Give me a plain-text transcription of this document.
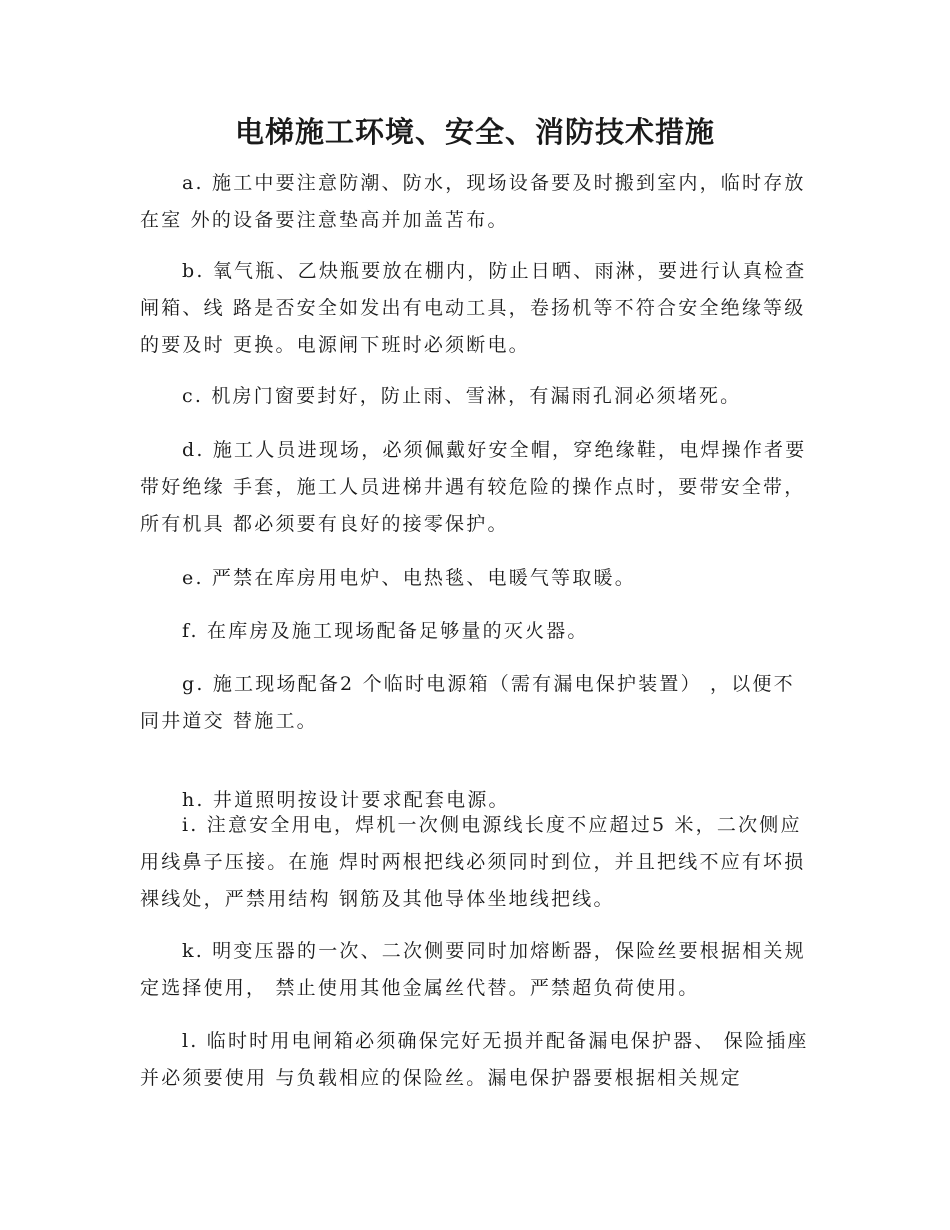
电梯施工环境、安全、消防技术措施

a. 施工中要注意防潮、防水，现场设备要及时搬到室内，临时存放在室 外的设备要注意垫高并加盖苫布。

b. 氧气瓶、乙炔瓶要放在棚内，防止日晒、雨淋，要进行认真检查闸箱、线 路是否安全如发出有电动工具，卷扬机等不符合安全绝缘等级的要及时 更换。电源闸下班时必须断电。

c. 机房门窗要封好，防止雨、雪淋，有漏雨孔洞必须堵死。

d. 施工人员进现场，必须佩戴好安全帽，穿绝缘鞋，电焊操作者要带好绝缘 手套，施工人员进梯井遇有较危险的操作点时，要带安全带，所有机具 都必须要有良好的接零保护。

e. 严禁在库房用电炉、电热毯、电暖气等取暖。

f. 在库房及施工现场配备足够量的灭火器。

g. 施工现场配备2 个临时电源箱（需有漏电保护装置） ，以便不同井道交 替施工。

h. 井道照明按设计要求配套电源。

i. 注意安全用电，焊机一次侧电源线长度不应超过5 米，二次侧应用线鼻子压接。在施 焊时两根把线必须同时到位，并且把线不应有坏损裸线处，严禁用结构 钢筋及其他导体坐地线把线。

k. 明变压器的一次、二次侧要同时加熔断器，保险丝要根据相关规定选择使用， 禁止使用其他金属丝代替。严禁超负荷使用。

l. 临时时用电闸箱必须确保完好无损并配备漏电保护器、 保险插座并必须要使用 与负载相应的保险丝。漏电保护器要根据相关规定
